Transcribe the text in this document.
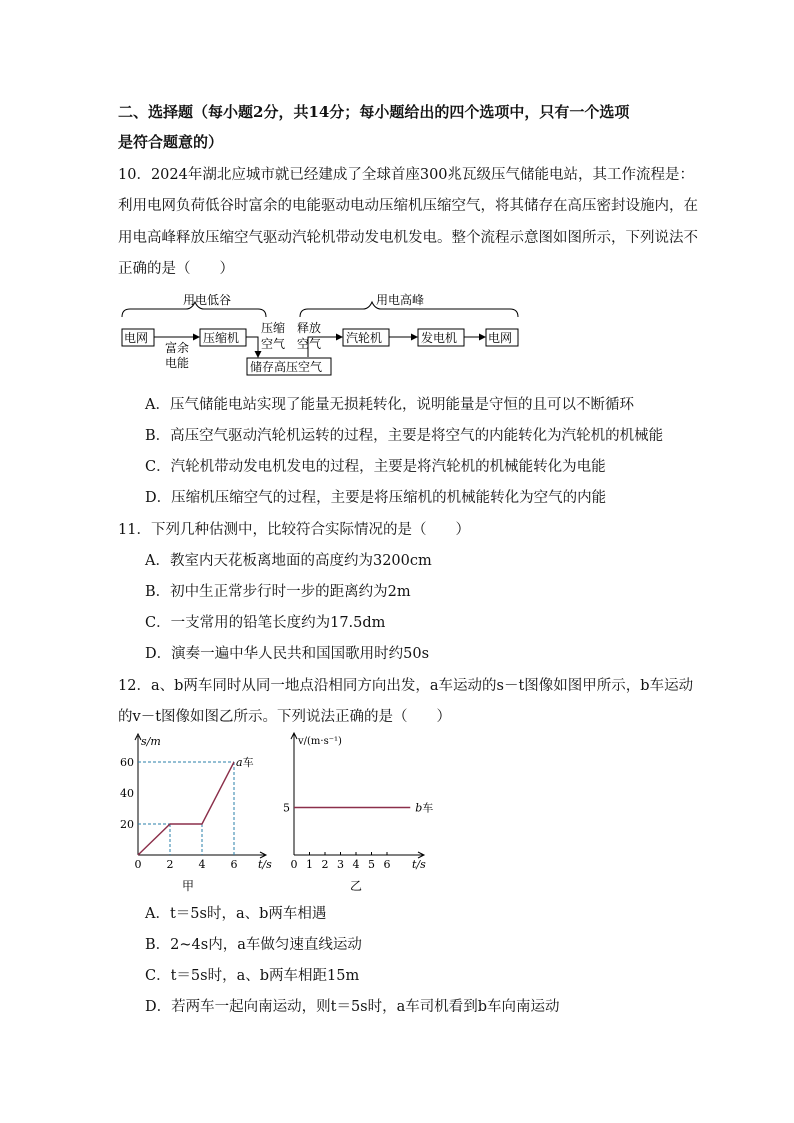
二、选择题（每小题2分，共14分；每小题给出的四个选项中，只有一个选项
是符合题意的）
10．2024年湖北应城市就已经建成了全球首座300兆瓦级压气储能电站，其工作流程是：
利用电网负荷低谷时富余的电能驱动电动压缩机压缩空气，将其储存在高压密封设施内，在
用电高峰释放压缩空气驱动汽轮机带动发电机发电。整个流程示意图如图所示，下列说法不
正确的是（　　）
用电低谷	用电高峰
电网	压缩机
储存高压空气
汽轮机	发电机	电网
富余
电能
压缩
空气
释放
空气
A．压气储能电站实现了能量无损耗转化，说明能量是守恒的且可以不断循环
B．高压空气驱动汽轮机运转的过程，主要是将空气的内能转化为汽轮机的机械能
C．汽轮机带动发电机发电的过程，主要是将汽轮机的机械能转化为电能
D．压缩机压缩空气的过程，主要是将压缩机的机械能转化为空气的内能
11．下列几种估测中，比较符合实际情况的是（　　）
A．教室内天花板离地面的高度约为3200cm
B．初中生正常步行时一步的距离约为2m
C．一支常用的铅笔长度约为17.5dm
D．演奏一遍中华人民共和国国歌用时约50s
12．a、b两车同时从同一地点沿相同方向出发，a车运动的s－t图像如图甲所示，b车运动
的v－t图像如图乙所示。下列说法正确的是（　　）
甲
s/m
t/s
20
40
60
0 2 4 6
a车
乙
v/(m·s⁻¹)
t/s
5
0 1 2 3 4 5 6
b车
A．t＝5s时，a、b两车相遇
B．2~4s内，a车做匀速直线运动
C．t＝5s时，a、b两车相距15m
D．若两车一起向南运动，则t＝5s时，a车司机看到b车向南运动
